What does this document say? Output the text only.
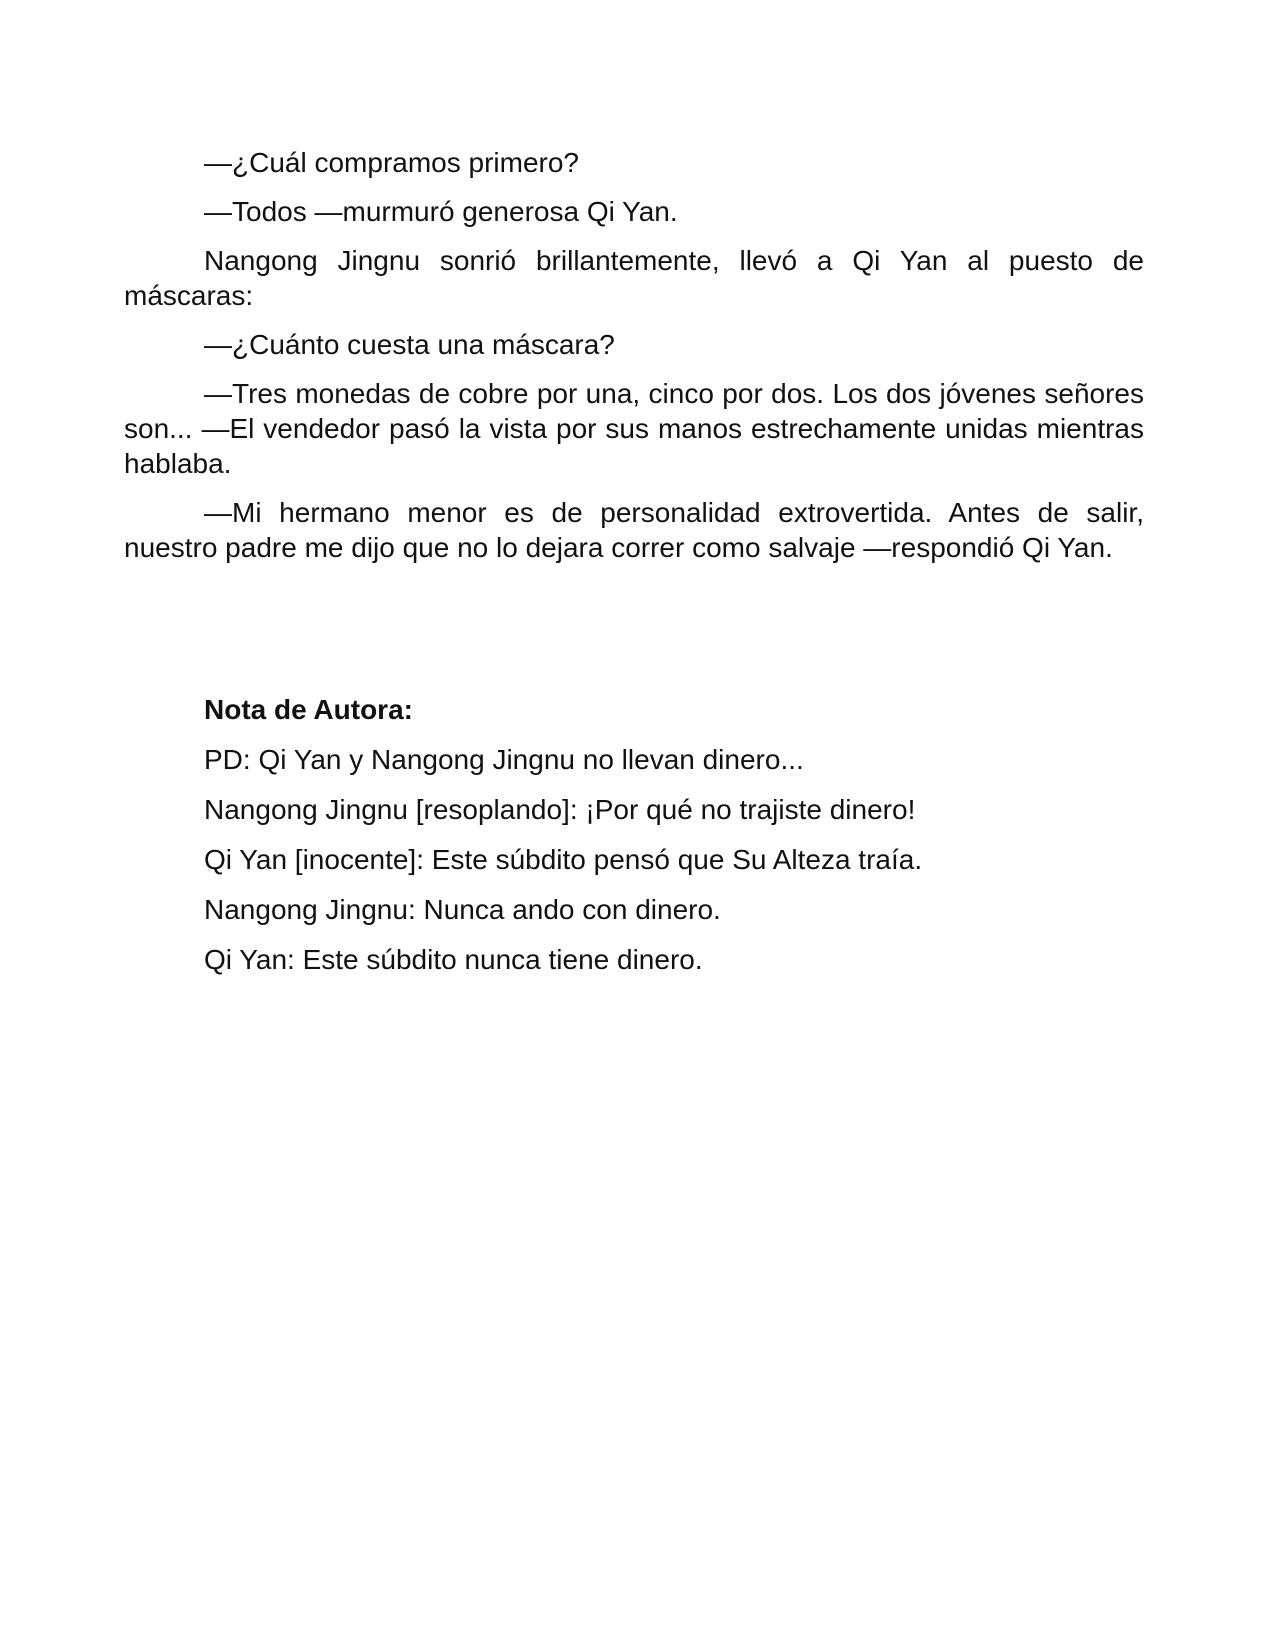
—¿Cuál compramos primero?

—Todos —murmuró generosa Qi Yan.

Nangong Jingnu sonrió brillantemente, llevó a Qi Yan al puesto de máscaras:

—¿Cuánto cuesta una máscara?

—Tres monedas de cobre por una, cinco por dos. Los dos jóvenes señores son... —El vendedor pasó la vista por sus manos estrechamente unidas mientras hablaba.

—Mi hermano menor es de personalidad extrovertida. Antes de salir, nuestro padre me dijo que no lo dejara correr como salvaje —respondió Qi Yan.

Nota de Autora:

PD: Qi Yan y Nangong Jingnu no llevan dinero...

Nangong Jingnu [resoplando]: ¡Por qué no trajiste dinero!

Qi Yan [inocente]: Este súbdito pensó que Su Alteza traía.

Nangong Jingnu: Nunca ando con dinero.

Qi Yan: Este súbdito nunca tiene dinero.
